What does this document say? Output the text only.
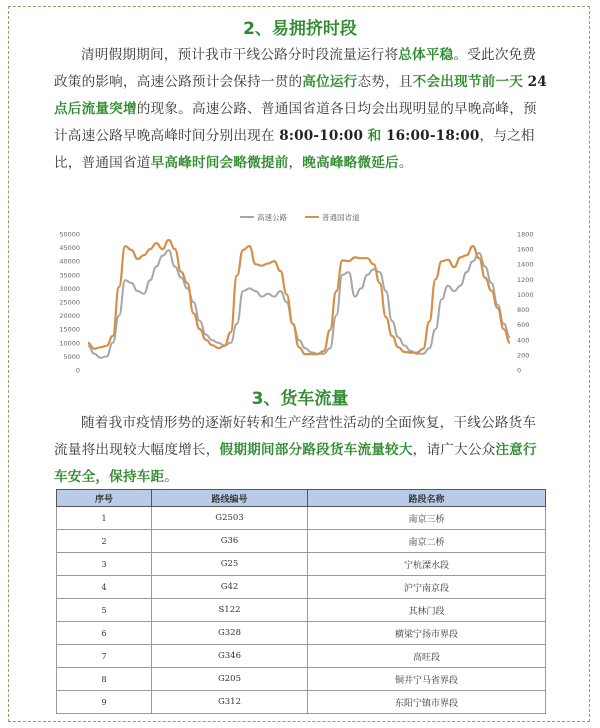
2、易拥挤时段
清明假期期间，预计我市干线公路分时段流量运行将总体平稳。受此次免费政策的影响，高速公路预计会保持一贯的高位运行态势，且不会出现节前一天 24 点后流量突增的现象。高速公路、普通国省道各日均会出现明显的早晚高峰，预计高速公路早晚高峰时间分别出现在 8:00-10:00 和 16:00-18:00，与之相比，普通国省道早高峰时间会略微提前，晚高峰略微延后。
高速公路	普通国省道
50000
45000
40000
35000
30000
25000
20000
15000
10000
5000
0
1800
1600
1400
1200
1000
800
600
400
200
0
3、货车流量
随着我市疫情形势的逐渐好转和生产经营性活动的全面恢复，干线公路货车流量将出现较大幅度增长，假期期间部分路段货车流量较大，请广大公众注意行车安全，保持车距。
序号	路线编号	路段名称
1	G2503	南京三桥
2	G36	南京二桥
3	G25	宁杭溧水段
4	G42	沪宁南京段
5	S122	其林门段
6	G328	横梁宁扬市界段
7	G346	高旺段
8	G205	铜井宁马省界段
9	G312	东阳宁镇市界段
